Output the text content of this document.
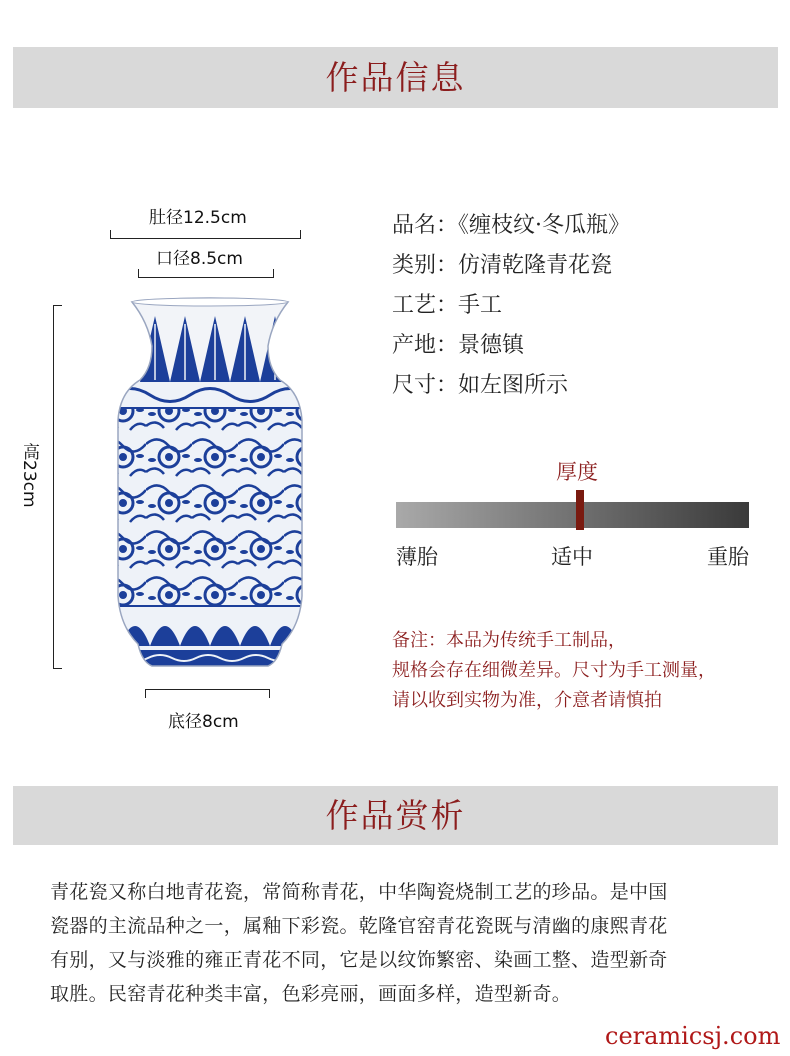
作品信息
肚径12.5cm
口径8.5cm
高23cm
底径8cm
品名：《缠枝纹·冬瓜瓶》
类别：仿清乾隆青花瓷
工艺：手工
产地：景德镇
尺寸：如左图所示
厚度
薄胎	适中	重胎
备注：本品为传统手工制品，
规格会存在细微差异。尺寸为手工测量，
请以收到实物为准，介意者请慎拍
作品赏析
青花瓷又称白地青花瓷，常简称青花，中华陶瓷烧制工艺的珍品。是中国
瓷器的主流品种之一，属釉下彩瓷。乾隆官窑青花瓷既与清幽的康熙青花
有别，又与淡雅的雍正青花不同，它是以纹饰繁密、染画工整、造型新奇
取胜。民窑青花种类丰富，色彩亮丽，画面多样，造型新奇。
ceramicsj.com
